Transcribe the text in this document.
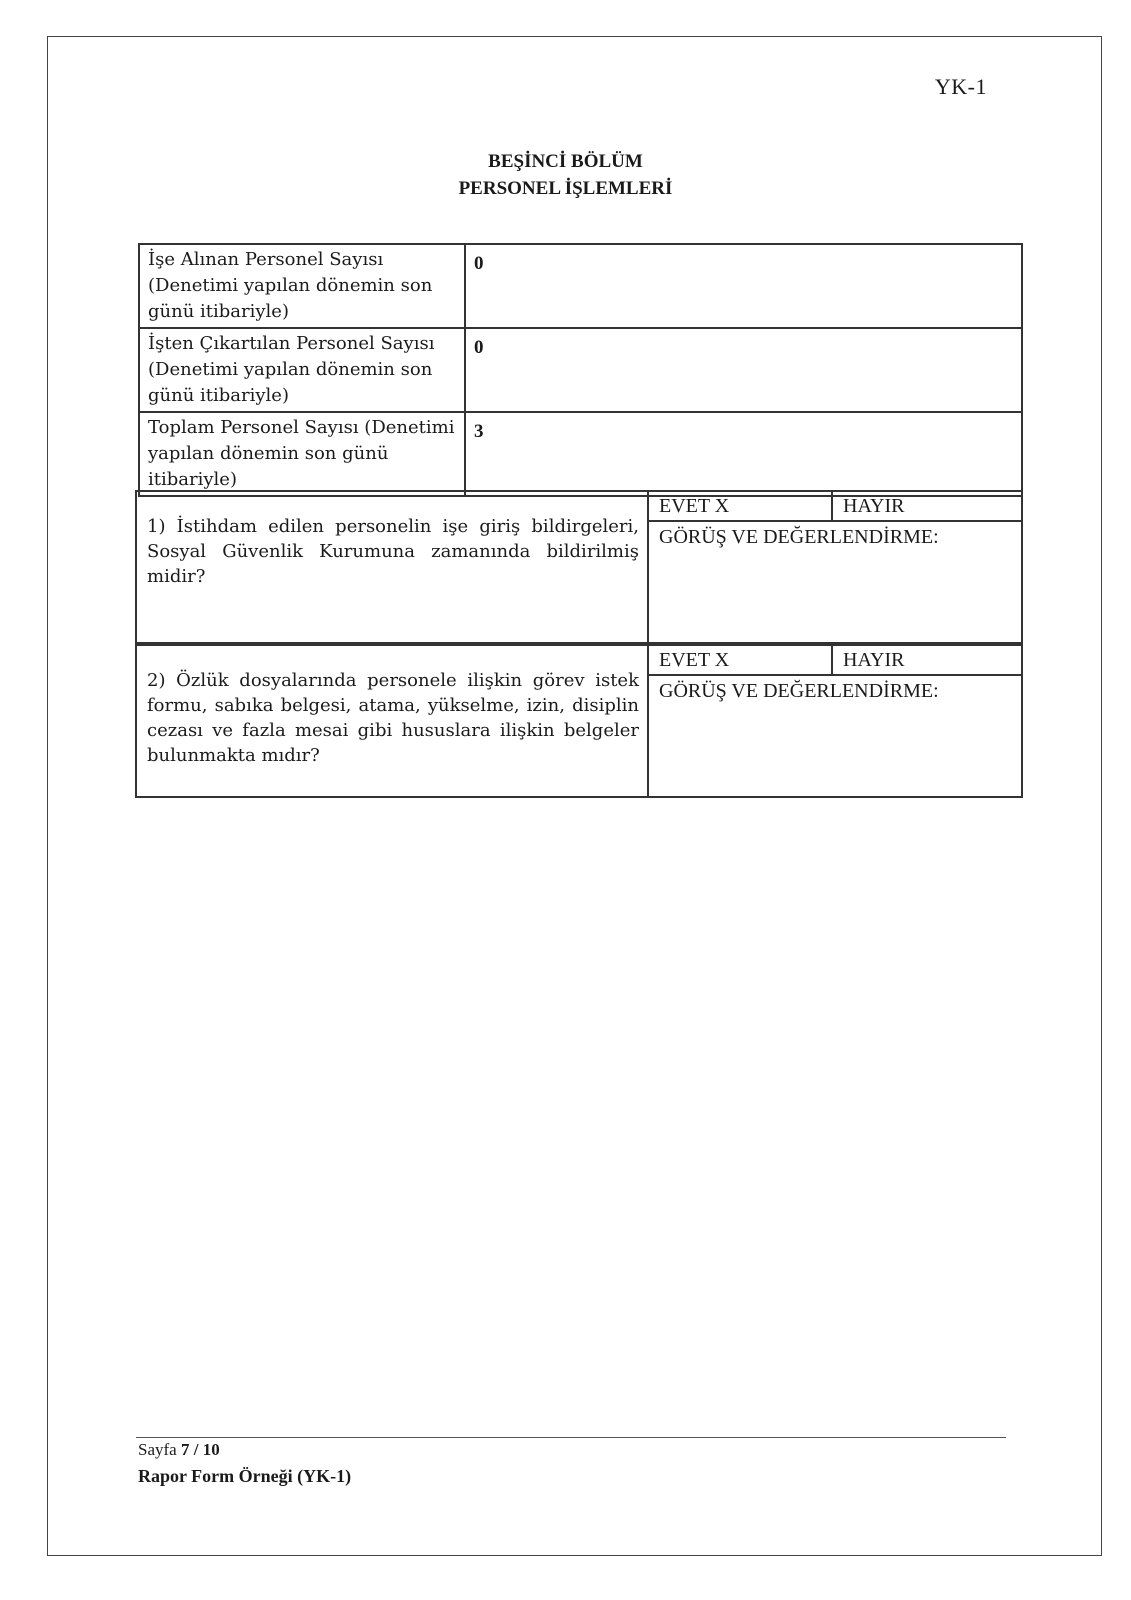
YK-1
BEŞİNCİ BÖLÜM
PERSONEL İŞLEMLERİ
İşe Alınan Personel Sayısı (Denetimi yapılan dönemin son günü itibariyle)	0
İşten Çıkartılan Personel Sayısı (Denetimi yapılan dönemin son günü itibariyle)	0
Toplam Personel Sayısı (Denetimi yapılan dönemin son günü itibariyle)	3
1) İstihdam edilen personelin işe giriş bildirgeleri, Sosyal Güvenlik Kurumuna zamanında bildirilmiş midir?	
EVET X	HAYIR
GÖRÜŞ VE DEĞERLENDİRME:
2) Özlük dosyalarında personele ilişkin görev istek formu, sabıka belgesi, atama, yükselme, izin, disiplin cezası ve fazla mesai gibi hususlara ilişkin belgeler bulunmakta mıdır?	
EVET X	HAYIR
GÖRÜŞ VE DEĞERLENDİRME:
Sayfa 7 / 10
Rapor Form Örneği (YK-1)
